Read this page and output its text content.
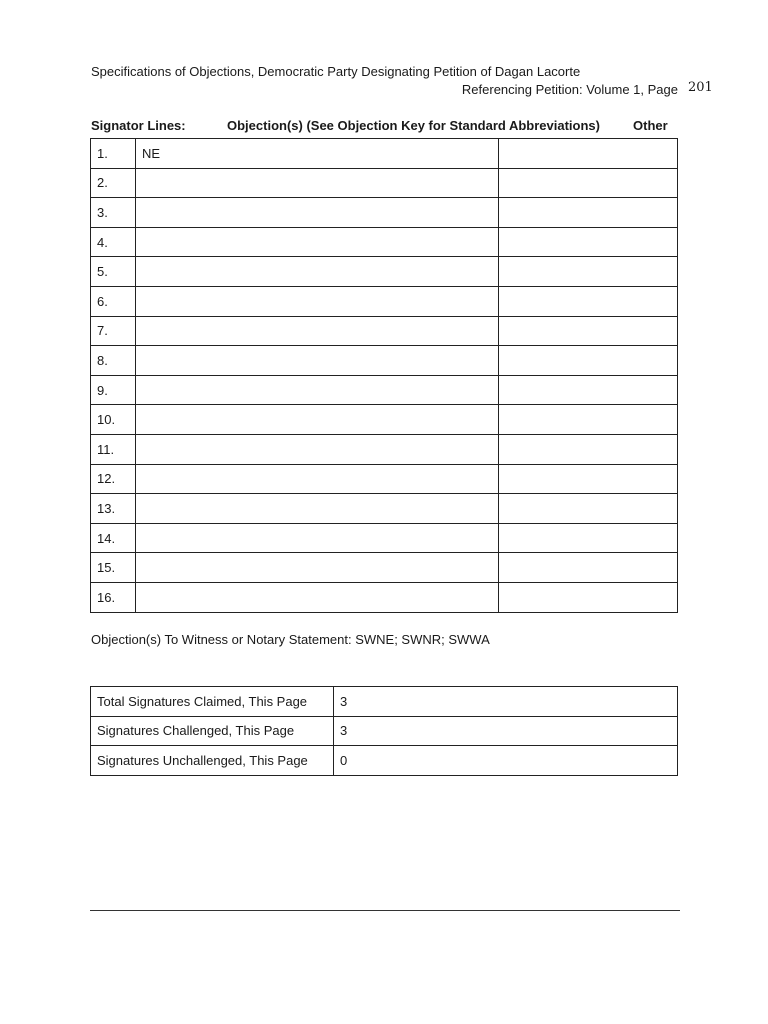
Specifications of Objections, Democratic Party Designating Petition of Dagan Lacorte
Referencing Petition: Volume 1, Page 201
Signator Lines:	Objection(s) (See Objection Key for Standard Abbreviations)	Other
1.	NE	
2.		
3.		
4.		
5.		
6.		
7.		
8.		
9.		
10.		
11.		
12.		
13.		
14.		
15.		
16.		
Objection(s) To Witness or Notary Statement: SWNE; SWNR; SWWA
Total Signatures Claimed, This Page	3
Signatures Challenged, This Page	3
Signatures Unchallenged, This Page	0
